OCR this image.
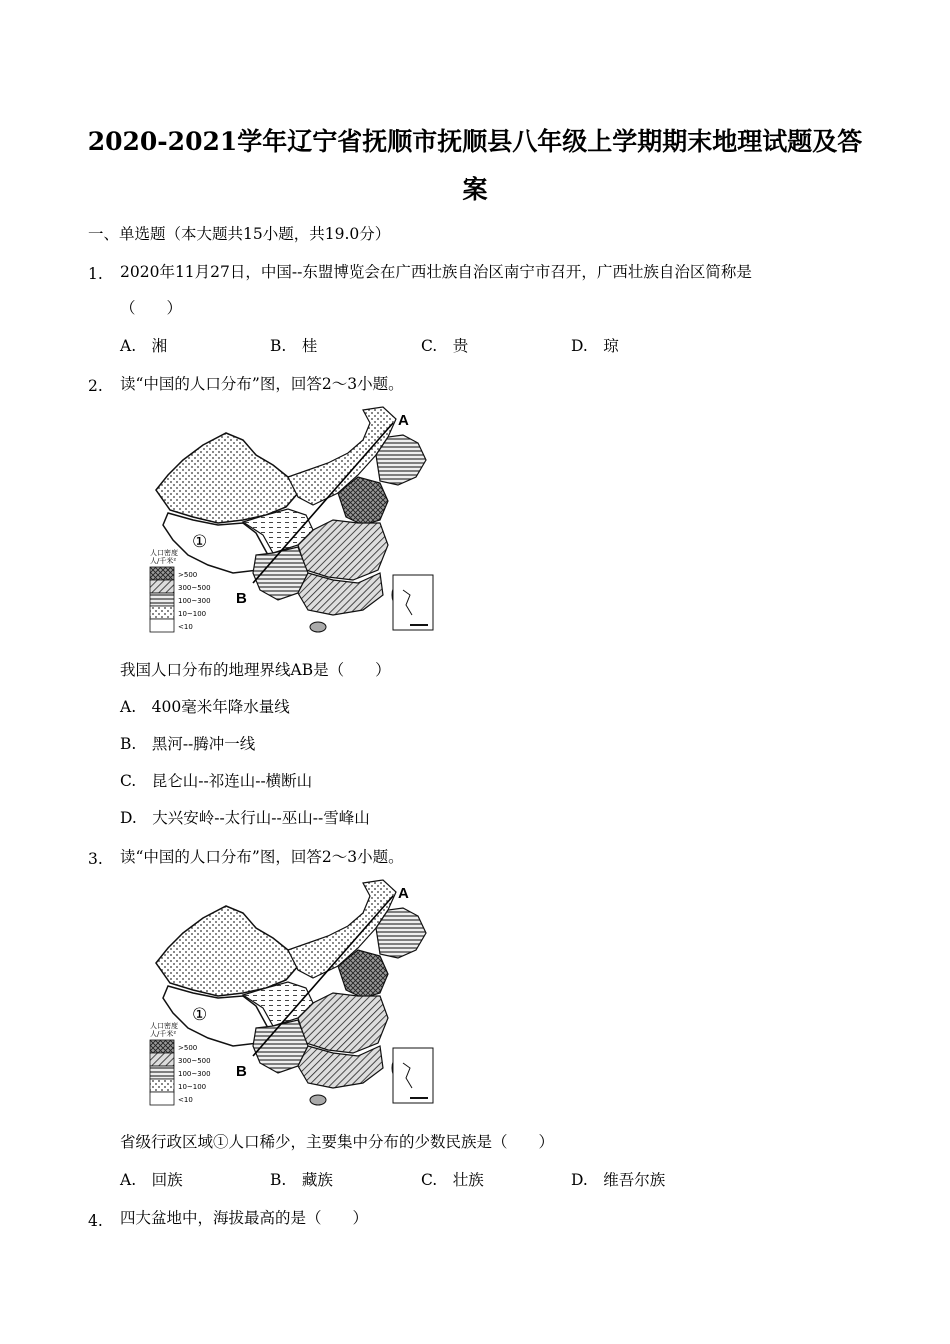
2020-2021学年辽宁省抚顺市抚顺县八年级上学期期末地理试题及答
案
一、单选题（本大题共15小题，共19.0分）
1. 2020年11月27日，中国--东盟博览会在广西壮族自治区南宁市召开，广西壮族自治区简称是
（　　）
A.　湘	B.　桂	C.　贵	D.　琼
2. 读“中国的人口分布”图，回答2～3小题。
A
B
①
人口密度
人/千米²
>500
300~500
100~300
10~100
<10
我国人口分布的地理界线AB是（　　）
A.　400毫米年降水量线
B.　黑河--腾冲一线
C.　昆仑山--祁连山--横断山
D.　大兴安岭--太行山--巫山--雪峰山
3. 读“中国的人口分布”图，回答2～3小题。
A
B
①
人口密度
人/千米²
>500
300~500
100~300
10~100
<10
省级行政区域①人口稀少，主要集中分布的少数民族是（　　）
A.　回族	B.　藏族	C.　壮族	D.　维吾尔族
4. 四大盆地中，海拔最高的是（　　）
